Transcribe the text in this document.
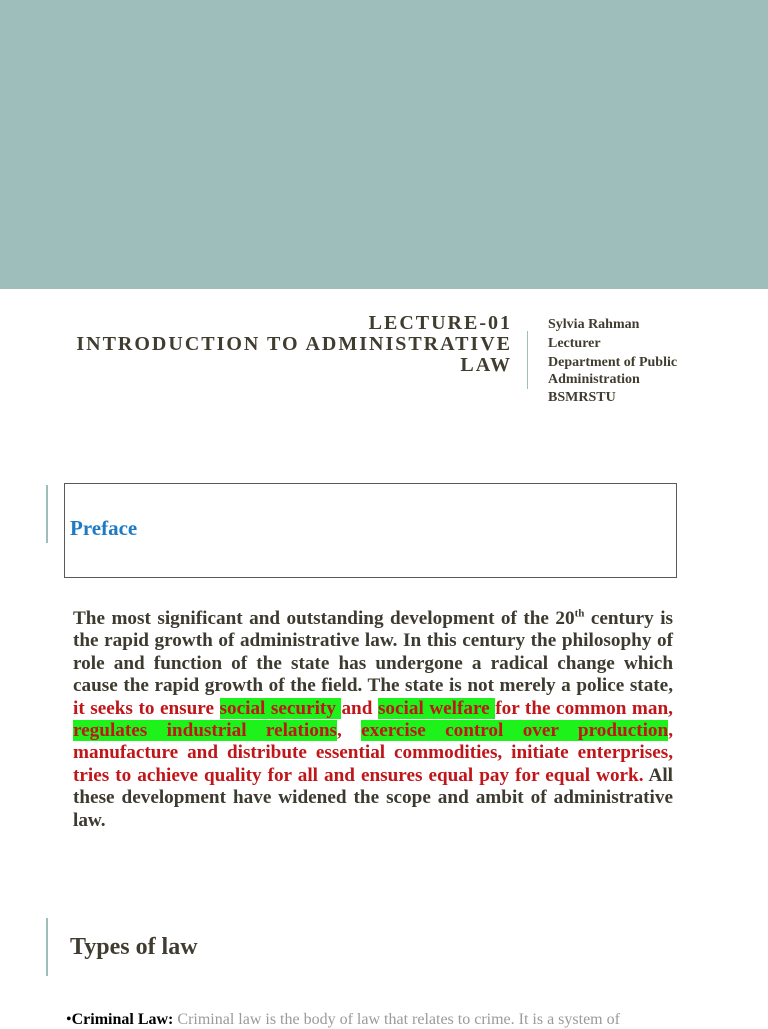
LECTURE-01
INTRODUCTION TO ADMINISTRATIVE
LAW
Sylvia Rahman
Lecturer
Department of Public
Administration
BSMRSTU
Preface
The most significant and outstanding development of the 20th century is the rapid growth of administrative law. In this century the philosophy of role and function of the state has undergone a radical change which cause the rapid growth of the field. The state is not merely a police state, it seeks to ensure social security and social welfare for the common man, regulates industrial relations, exercise control over production, manufacture and distribute essential commodities, initiate enterprises, tries to achieve quality for all and ensures equal pay for equal work. All these development have widened the scope and ambit of administrative law.
Types of law
•Criminal Law: Criminal law is the body of law that relates to crime. It is a system of
